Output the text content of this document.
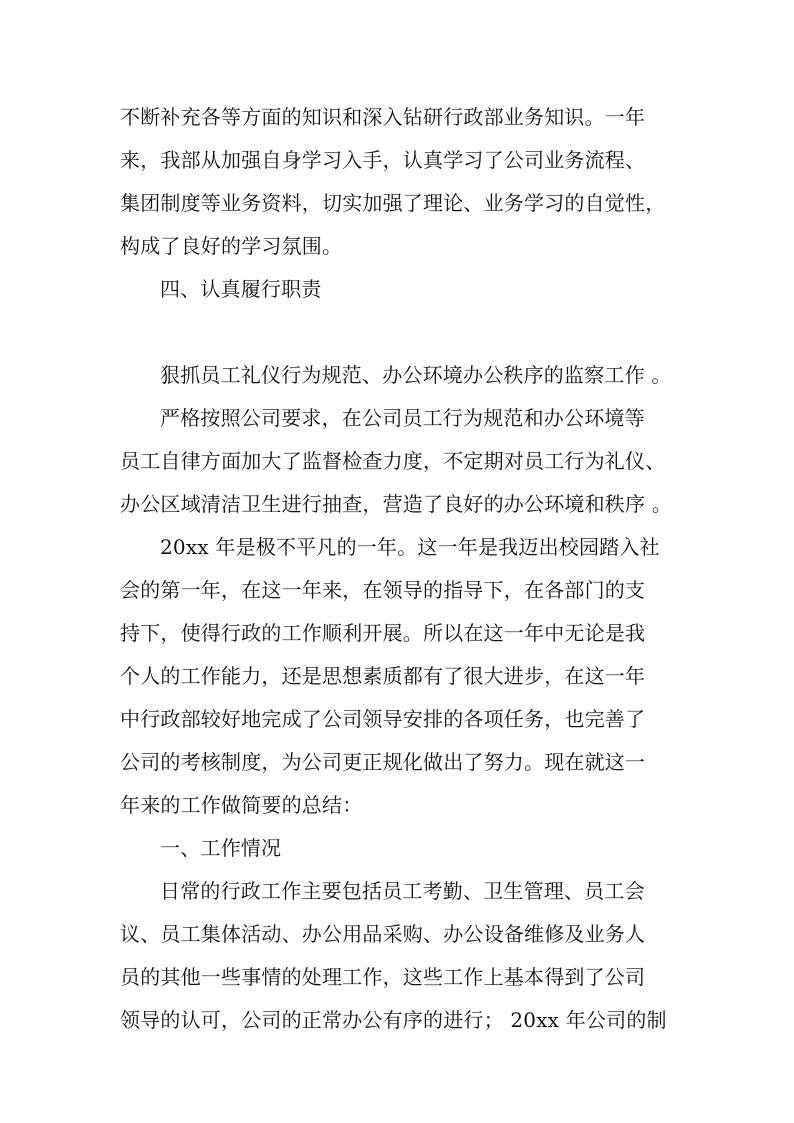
不断补充各等方面的知识和深入钻研行政部业务知识。一年
来，我部从加强自身学习入手，认真学习了公司业务流程、
集团制度等业务资料，切实加强了理论、业务学习的自觉性，
构成了良好的学习氛围。
四、认真履行职责
狠抓员工礼仪行为规范、办公环境办公秩序的监察工作 。
严格按照公司要求，在公司员工行为规范和办公环境等
员工自律方面加大了监督检查力度，不定期对员工行为礼仪、
办公区域清洁卫生进行抽查，营造了良好的办公环境和秩序 。
20xx 年是极不平凡的一年。这一年是我迈出校园踏入社
会的第一年，在这一年来，在领导的指导下，在各部门的支
持下，使得行政的工作顺利开展。所以在这一年中无论是我
个人的工作能力，还是思想素质都有了很大进步，在这一年
中行政部较好地完成了公司领导安排的各项任务，也完善了
公司的考核制度，为公司更正规化做出了努力。现在就这一
年来的工作做简要的总结：
一、工作情况
日常的行政工作主要包括员工考勤、卫生管理、员工会
议、员工集体活动、办公用品采购、办公设备维修及业务人
员的其他一些事情的处理工作，这些工作上基本得到了公司
领导的认可，公司的正常办公有序的进行； 20xx 年公司的制
